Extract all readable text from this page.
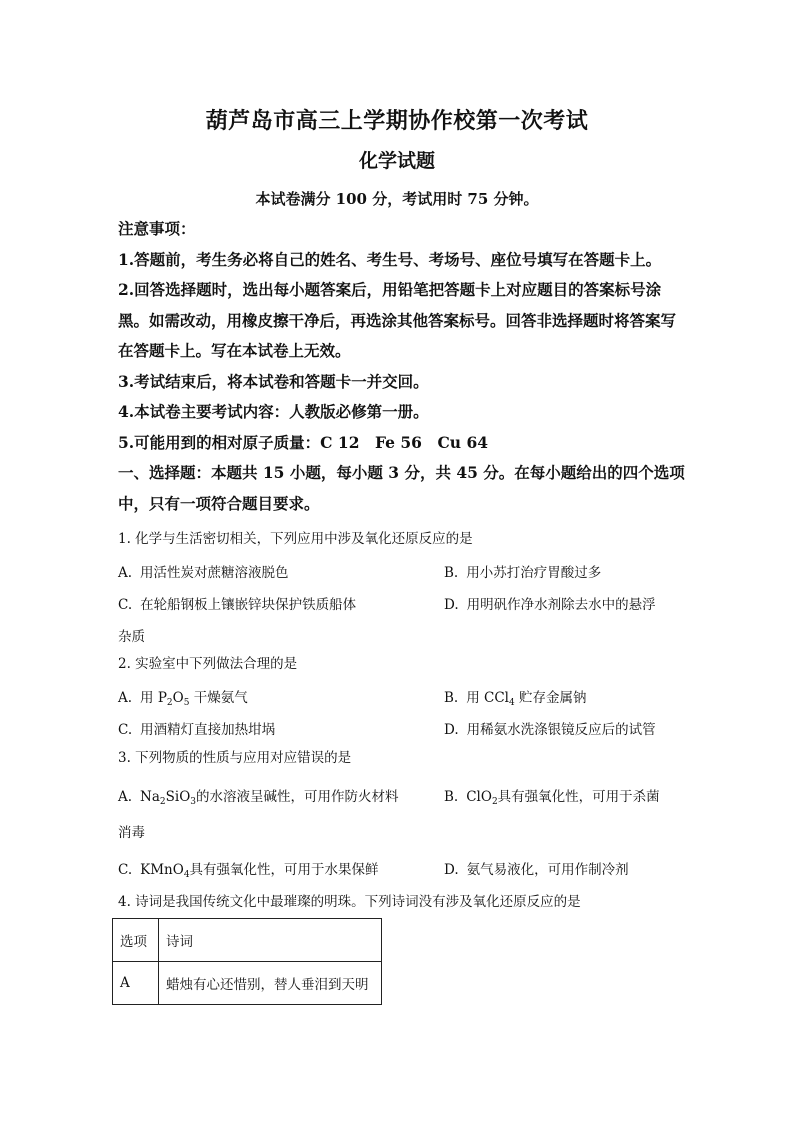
葫芦岛市高三上学期协作校第一次考试
化学试题
本试卷满分 100 分，考试用时 75 分钟。

注意事项：

1.答题前，考生务必将自己的姓名、考生号、考场号、座位号填写在答题卡上。

2.回答选择题时，选出每小题答案后，用铅笔把答题卡上对应题目的答案标号涂黑。如需改动，用橡皮擦干净后，再选涂其他答案标号。回答非选择题时将答案写在答题卡上。写在本试卷上无效。

3.考试结束后，将本试卷和答题卡一并交回。

4.本试卷主要考试内容：人教版必修第一册。

5.可能用到的相对原子质量：C 12　Fe 56　Cu 64

一、选择题：本题共 15 小题，每小题 3 分，共 45 分。在每小题给出的四个选项中，只有一项符合题目要求。

1. 化学与生活密切相关，下列应用中涉及氧化还原反应的是
A. 用活性炭对蔗糖溶液脱色	B. 用小苏打治疗胃酸过多
C. 在轮船钢板上镶嵌锌块保护铁质船体	D. 用明矾作净水剂除去水中的悬浮
杂质
2. 实验室中下列做法合理的是
A. 用 $P_2O_5$ 干燥氨气	B. 用 CCl$_4$ 贮存金属钠
C. 用酒精灯直接加热坩埚	D. 用稀氨水洗涤银镜反应后的试管
3. 下列物质的性质与应用对应错误的是
A. $Na_2SiO_3$的水溶液呈碱性，可用作防火材料	B. ClO$_2$具有强氧化性，可用于杀菌
消毒
C. KMnO$_4$具有强氧化性，可用于水果保鲜	D. 氨气易液化，可用作制冷剂
4. 诗词是我国传统文化中最璀璨的明珠。下列诗词没有涉及氧化还原反应的是
选项	诗词
A	蜡烛有心还惜别，替人垂泪到天明
